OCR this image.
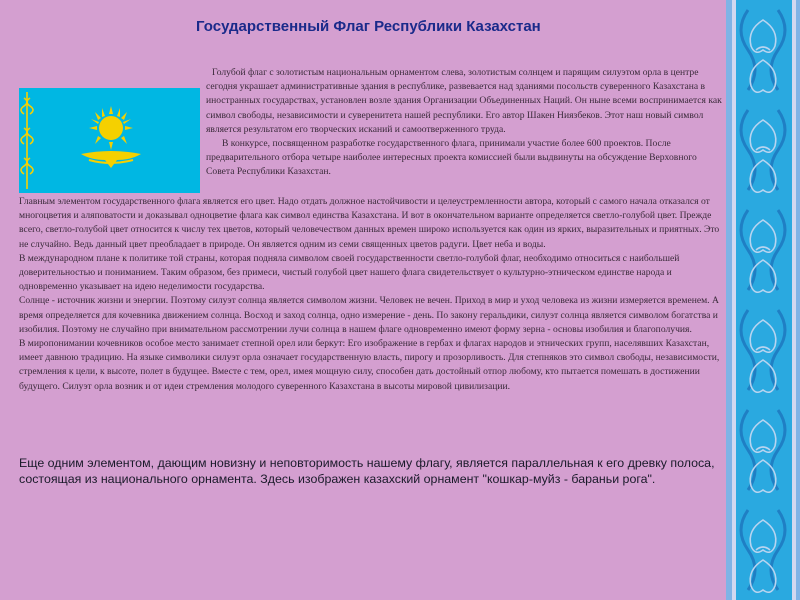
Государственный Флаг Республики Казахстан

Голубой флаг с золотистым национальным орнаментом слева, золотистым солнцем и парящим силуэтом орла в центре сегодня украшает административные здания в республике, развевается над зданиями посольств суверенного Казахстана в иностранных государствах, установлен возле здания Организации Объединенных Наций. Он ныне всеми воспринимается как символ свободы, независимости и суверенитета нашей республики. Его автор Шакен Ниязбеков. Этот наш новый символ является результатом его творческих исканий и самоотверженного труда.

В конкурсе, посвященном разработке государственного флага, принимали участие более 600 проектов. После предварительного отбора четыре наиболее интересных проекта комиссией были выдвинуты на обсуждение Верховного Совета Республики Казахстан.

Главным элементом государственного флага является его цвет. Надо отдать должное настойчивости и целеустремленности автора, который с самого начала отказался от многоцветия и аляповатости и доказывал однoцветие флага как символ единства Казахстана. И вот в окончательном варианте определяется светло-голубой цвет. Прежде всего, светло-голубой цвет относится к числу тех цветов, который человечеством данных времен широко используется как один из ярких, выразительных и приятных. Это не случайно. Ведь данный цвет преобладает в природе. Он является одним из семи священных цветов радуги. Цвет неба и воды.

В международном плане к политике той страны, которая подняла символом своей государственности светло-голубой флаг, необходимо относиться с наибольшей доверительностью и пониманием. Таким образом, без примеси, чистый голубой цвет нашего флага свидетельствует о культурно-этническом единстве народа и одновременно указывает на идею неделимости государства.

Солнце - источник жизни и энергии. Поэтому силуэт солнца является символом жизни. Человек не вечен. Приход в мир и уход человека из жизни измеряется временем. А время определяется для кочевника движением солнца. Восход и заход солнца, одно измерение - день. По закону геральдики, силуэт солнца является символом богатства и изобилия. Поэтому не случайно при внимательном рассмотрении лучи солнца в нашем флаге одновременно имеют форму зерна - основы изобилия и благополучия.

В миропонимании кочевников особое место занимает степной орел или беркут: Его изображение в гербах и флагах народов и этнических групп, населявших Казахстан, имеет давнюю традицию. На языке символики силуэт орла означает государственную власть, пирогу и прозорливость. Для степняков это символ свободы, независимости, стремления к цели, к высоте, полет в будущее. Вместе с тем, орел, имея мощную силу, способен дать достойный отпор любому, кто пытается помешать в достижении будущего. Силуэт орла возник и от идеи стремления молодого суверенного Казахстана в высоты мировой цивилизации.

Еще одним элементом, дающим новизну и неповторимость нашему флагу, является параллельная к его древку полоса, состоящая из национального орнамента. Здесь изображен казахский орнамент "кошкар-муйз - бараньи рога".
